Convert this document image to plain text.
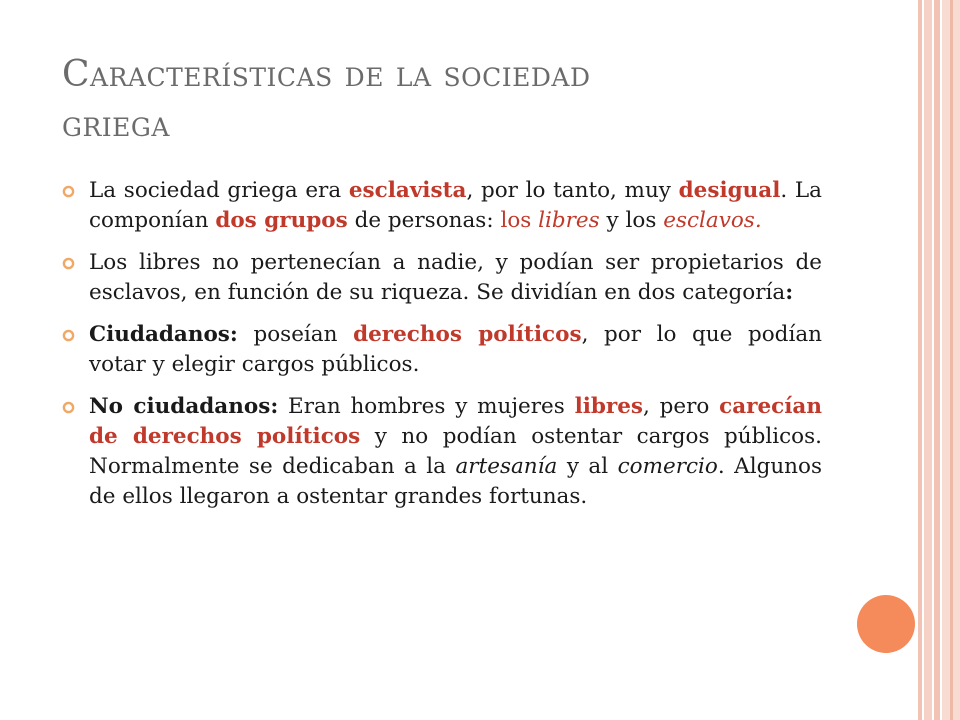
Características de la sociedad
griega
La sociedad griega era esclavista, por lo tanto, muy desigual. La componían dos grupos de personas: los libres y los esclavos.
Los libres no pertenecían a nadie, y podían ser propietarios de esclavos, en función de su riqueza. Se dividían en dos categoría:
Ciudadanos: poseían derechos políticos, por lo que podían votar y elegir cargos públicos.
No ciudadanos: Eran hombres y mujeres libres, pero carecían de derechos políticos y no podían ostentar cargos públicos. Normalmente se dedicaban a la artesanía y al comercio. Algunos de ellos llegaron a ostentar grandes fortunas.
